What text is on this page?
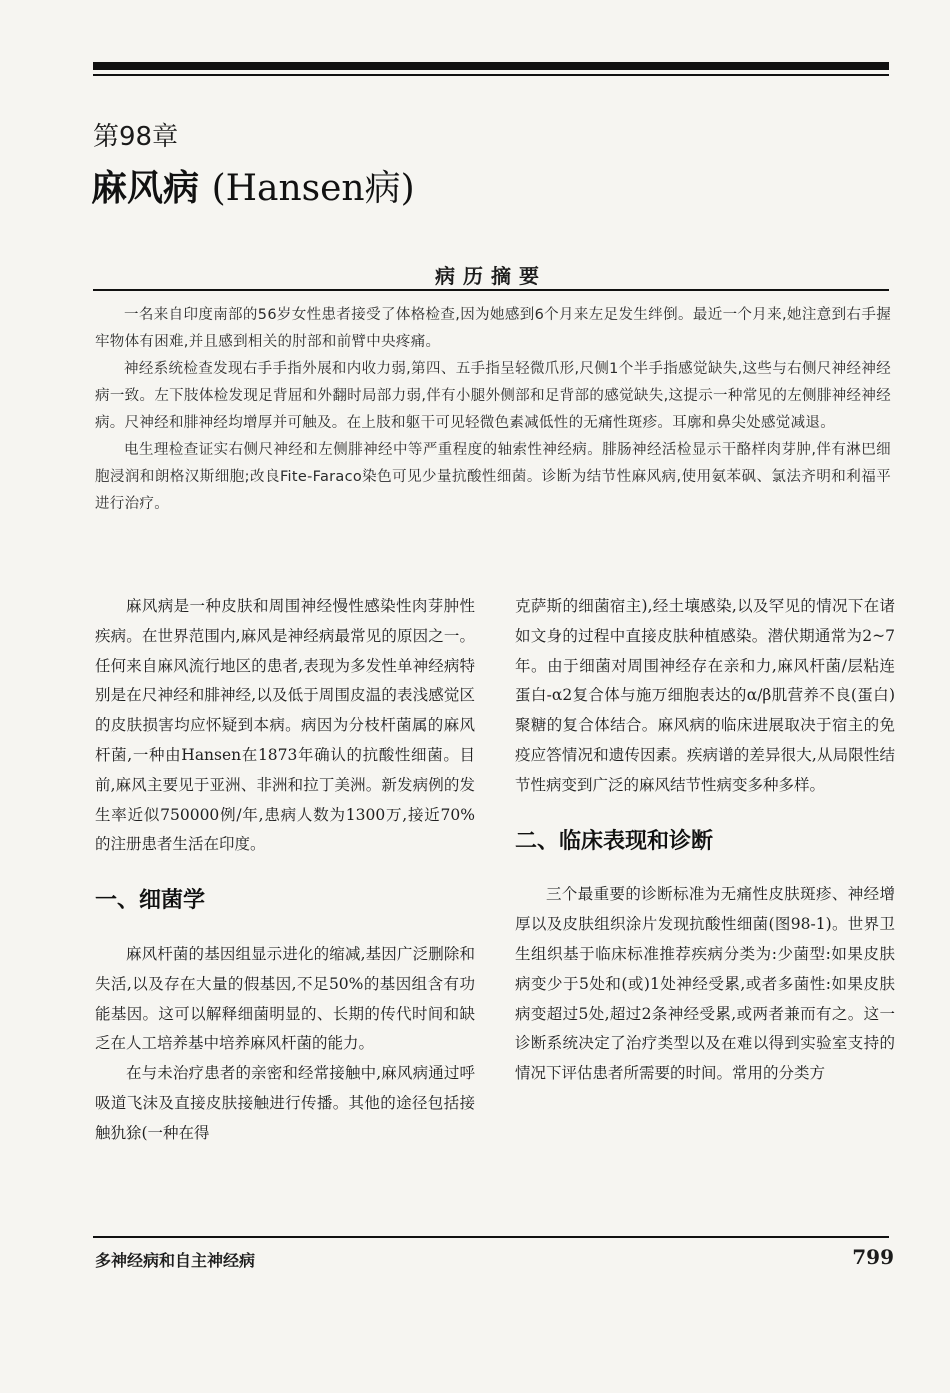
第98章
麻风病 (Hansen病)
病历摘要

一名来自印度南部的56岁女性患者接受了体格检查,因为她感到6个月来左足发生绊倒。最近一个月来,她注意到右手握牢物体有困难,并且感到相关的肘部和前臂中央疼痛。

神经系统检查发现右手手指外展和内收力弱,第四、五手指呈轻微爪形,尺侧1个半手指感觉缺失,这些与右侧尺神经神经病一致。左下肢体检发现足背屈和外翻时局部力弱,伴有小腿外侧部和足背部的感觉缺失,这提示一种常见的左侧腓神经神经病。尺神经和腓神经均增厚并可触及。在上肢和躯干可见轻微色素减低性的无痛性斑疹。耳廓和鼻尖处感觉减退。

电生理检查证实右侧尺神经和左侧腓神经中等严重程度的轴索性神经病。腓肠神经活检显示干酪样肉芽肿,伴有淋巴细胞浸润和朗格汉斯细胞;改良Fite-Faraco染色可见少量抗酸性细菌。诊断为结节性麻风病,使用氨苯砜、氯法齐明和利福平进行治疗。

麻风病是一种皮肤和周围神经慢性感染性肉芽肿性疾病。在世界范围内,麻风是神经病最常见的原因之一。任何来自麻风流行地区的患者,表现为多发性单神经病特别是在尺神经和腓神经,以及低于周围皮温的表浅感觉区的皮肤损害均应怀疑到本病。病因为分枝杆菌属的麻风杆菌,一种由Hansen在1873年确认的抗酸性细菌。目前,麻风主要见于亚洲、非洲和拉丁美洲。新发病例的发生率近似750000例/年,患病人数为1300万,接近70%的注册患者生活在印度。

一、细菌学

麻风杆菌的基因组显示进化的缩减,基因广泛删除和失活,以及存在大量的假基因,不足50%的基因组含有功能基因。这可以解释细菌明显的、长期的传代时间和缺乏在人工培养基中培养麻风杆菌的能力。

在与未治疗患者的亲密和经常接触中,麻风病通过呼吸道飞沫及直接皮肤接触进行传播。其他的途径包括接触犰狳(一种在得

克萨斯的细菌宿主),经土壤感染,以及罕见的情况下在诸如文身的过程中直接皮肤种植感染。潜伏期通常为2~7年。由于细菌对周围神经存在亲和力,麻风杆菌/层粘连蛋白-α2复合体与施万细胞表达的α/β肌营养不良(蛋白)聚糖的复合体结合。麻风病的临床进展取决于宿主的免疫应答情况和遗传因素。疾病谱的差异很大,从局限性结节性病变到广泛的麻风结节性病变多种多样。

二、临床表现和诊断

三个最重要的诊断标准为无痛性皮肤斑疹、神经增厚以及皮肤组织涂片发现抗酸性细菌(图98-1)。世界卫生组织基于临床标准推荐疾病分类为:少菌型:如果皮肤病变少于5处和(或)1处神经受累,或者多菌性:如果皮肤病变超过5处,超过2条神经受累,或两者兼而有之。这一诊断系统决定了治疗类型以及在难以得到实验室支持的情况下评估患者所需要的时间。常用的分类方

多神经病和自主神经病	799
